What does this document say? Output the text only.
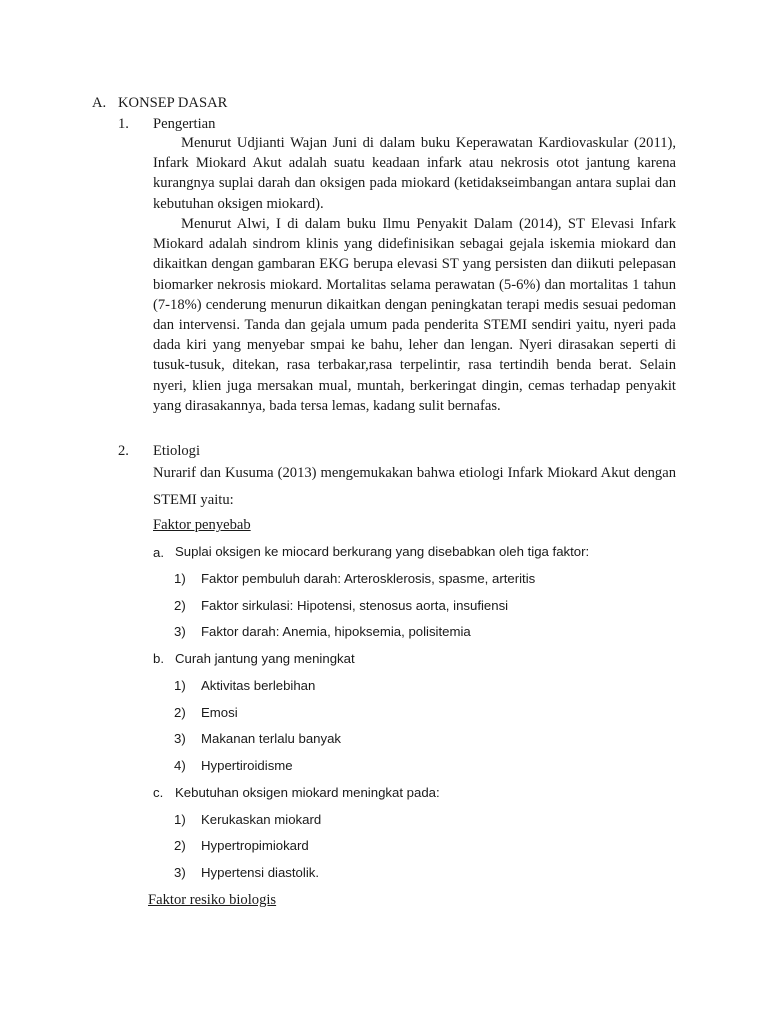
A. KONSEP DASAR
1. Pengertian

Menurut Udjianti Wajan Juni di dalam buku Keperawatan Kardiovaskular (2011), Infark Miokard Akut adalah suatu keadaan infark atau nekrosis otot jantung karena kurangnya suplai darah dan oksigen pada miokard (ketidakseimbangan antara suplai dan kebutuhan oksigen miokard).

Menurut Alwi, I di dalam buku Ilmu Penyakit Dalam (2014), ST Elevasi Infark Miokard adalah sindrom klinis yang didefinisikan sebagai gejala iskemia miokard dan dikaitkan dengan gambaran EKG berupa elevasi ST yang persisten dan diikuti pelepasan biomarker nekrosis miokard. Mortalitas selama perawatan (5-6%) dan mortalitas 1 tahun (7-18%) cenderung menurun dikaitkan dengan peningkatan terapi medis sesuai pedoman dan intervensi. Tanda dan gejala umum pada penderita STEMI sendiri yaitu, nyeri pada dada kiri yang menyebar smpai ke bahu, leher dan lengan. Nyeri dirasakan seperti di tusuk-tusuk, ditekan, rasa terbakar,rasa terpelintir, rasa tertindih benda berat. Selain nyeri, klien juga mersakan mual, muntah, berkeringat dingin, cemas terhadap penyakit yang dirasakannya, bada tersa lemas, kadang sulit bernafas.

2. Etiologi

Nurarif dan Kusuma (2013) mengemukakan bahwa etiologi Infark Miokard Akut dengan STEMI yaitu:

Faktor penyebab
a. Suplai oksigen ke miocard berkurang yang disebabkan oleh tiga faktor:
1) Faktor pembuluh darah: Arterosklerosis, spasme, arteritis
2) Faktor sirkulasi: Hipotensi, stenosus aorta, insufiensi
3) Faktor darah: Anemia, hipoksemia, polisitemia
b. Curah jantung yang meningkat
1) Aktivitas berlebihan
2) Emosi
3) Makanan terlalu banyak
4) Hypertiroidisme
c. Kebutuhan oksigen miokard meningkat pada:
1) Kerukaskan miokard
2) Hypertropimiokard
3) Hypertensi diastolik.
Faktor resiko biologis
